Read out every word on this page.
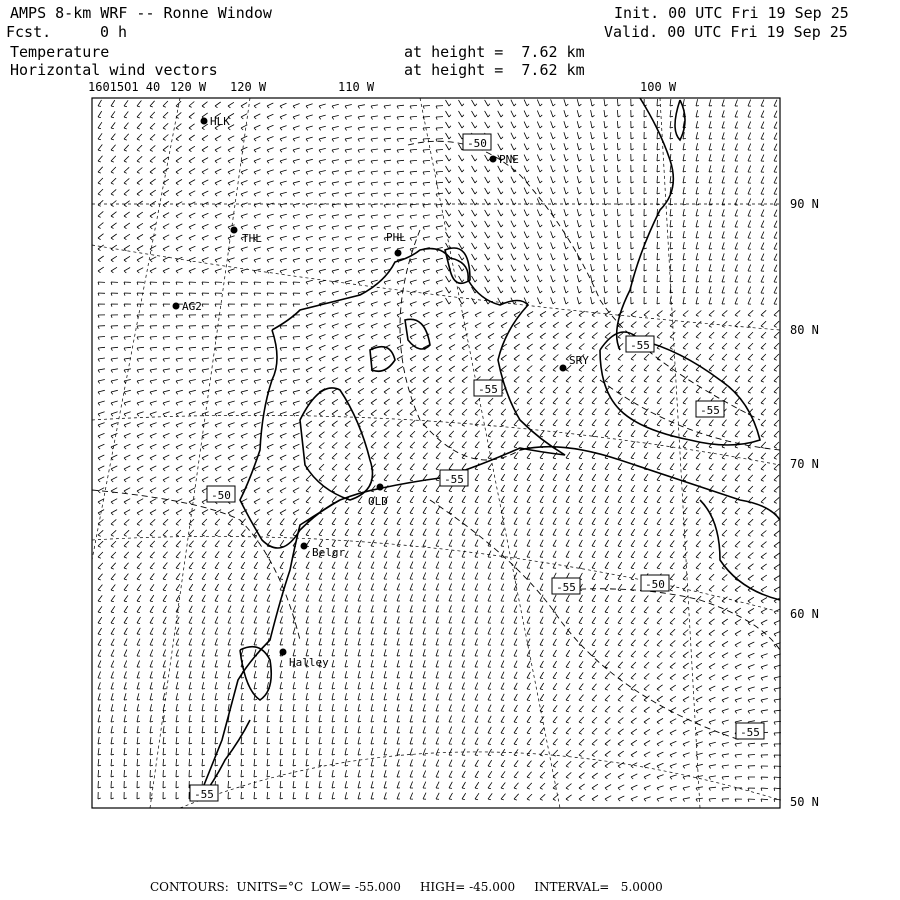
AMPS 8-km WRF -- Ronne Window
Fcst.	0 h
Init. 00 UTC Fri 19 Sep 25
Valid. 00 UTC Fri 19 Sep 25
Temperature	at height =  7.62 km
Horizontal wind vectors	at height =  7.62 km
HLK
PNE
THL	PHL
AG2
SRY
OLD
Belgr
Halley
-50
-55
-55
-50
-55	-50
-55
-55
-55
-55
16015O1 40 120 W 120 W	110 W	100 W
90 N
80 N
70 N
60 N
50 N
CONTOURS:  UNITS=°C  LOW= -55.000     HIGH= -45.000     INTERVAL=   5.0000
